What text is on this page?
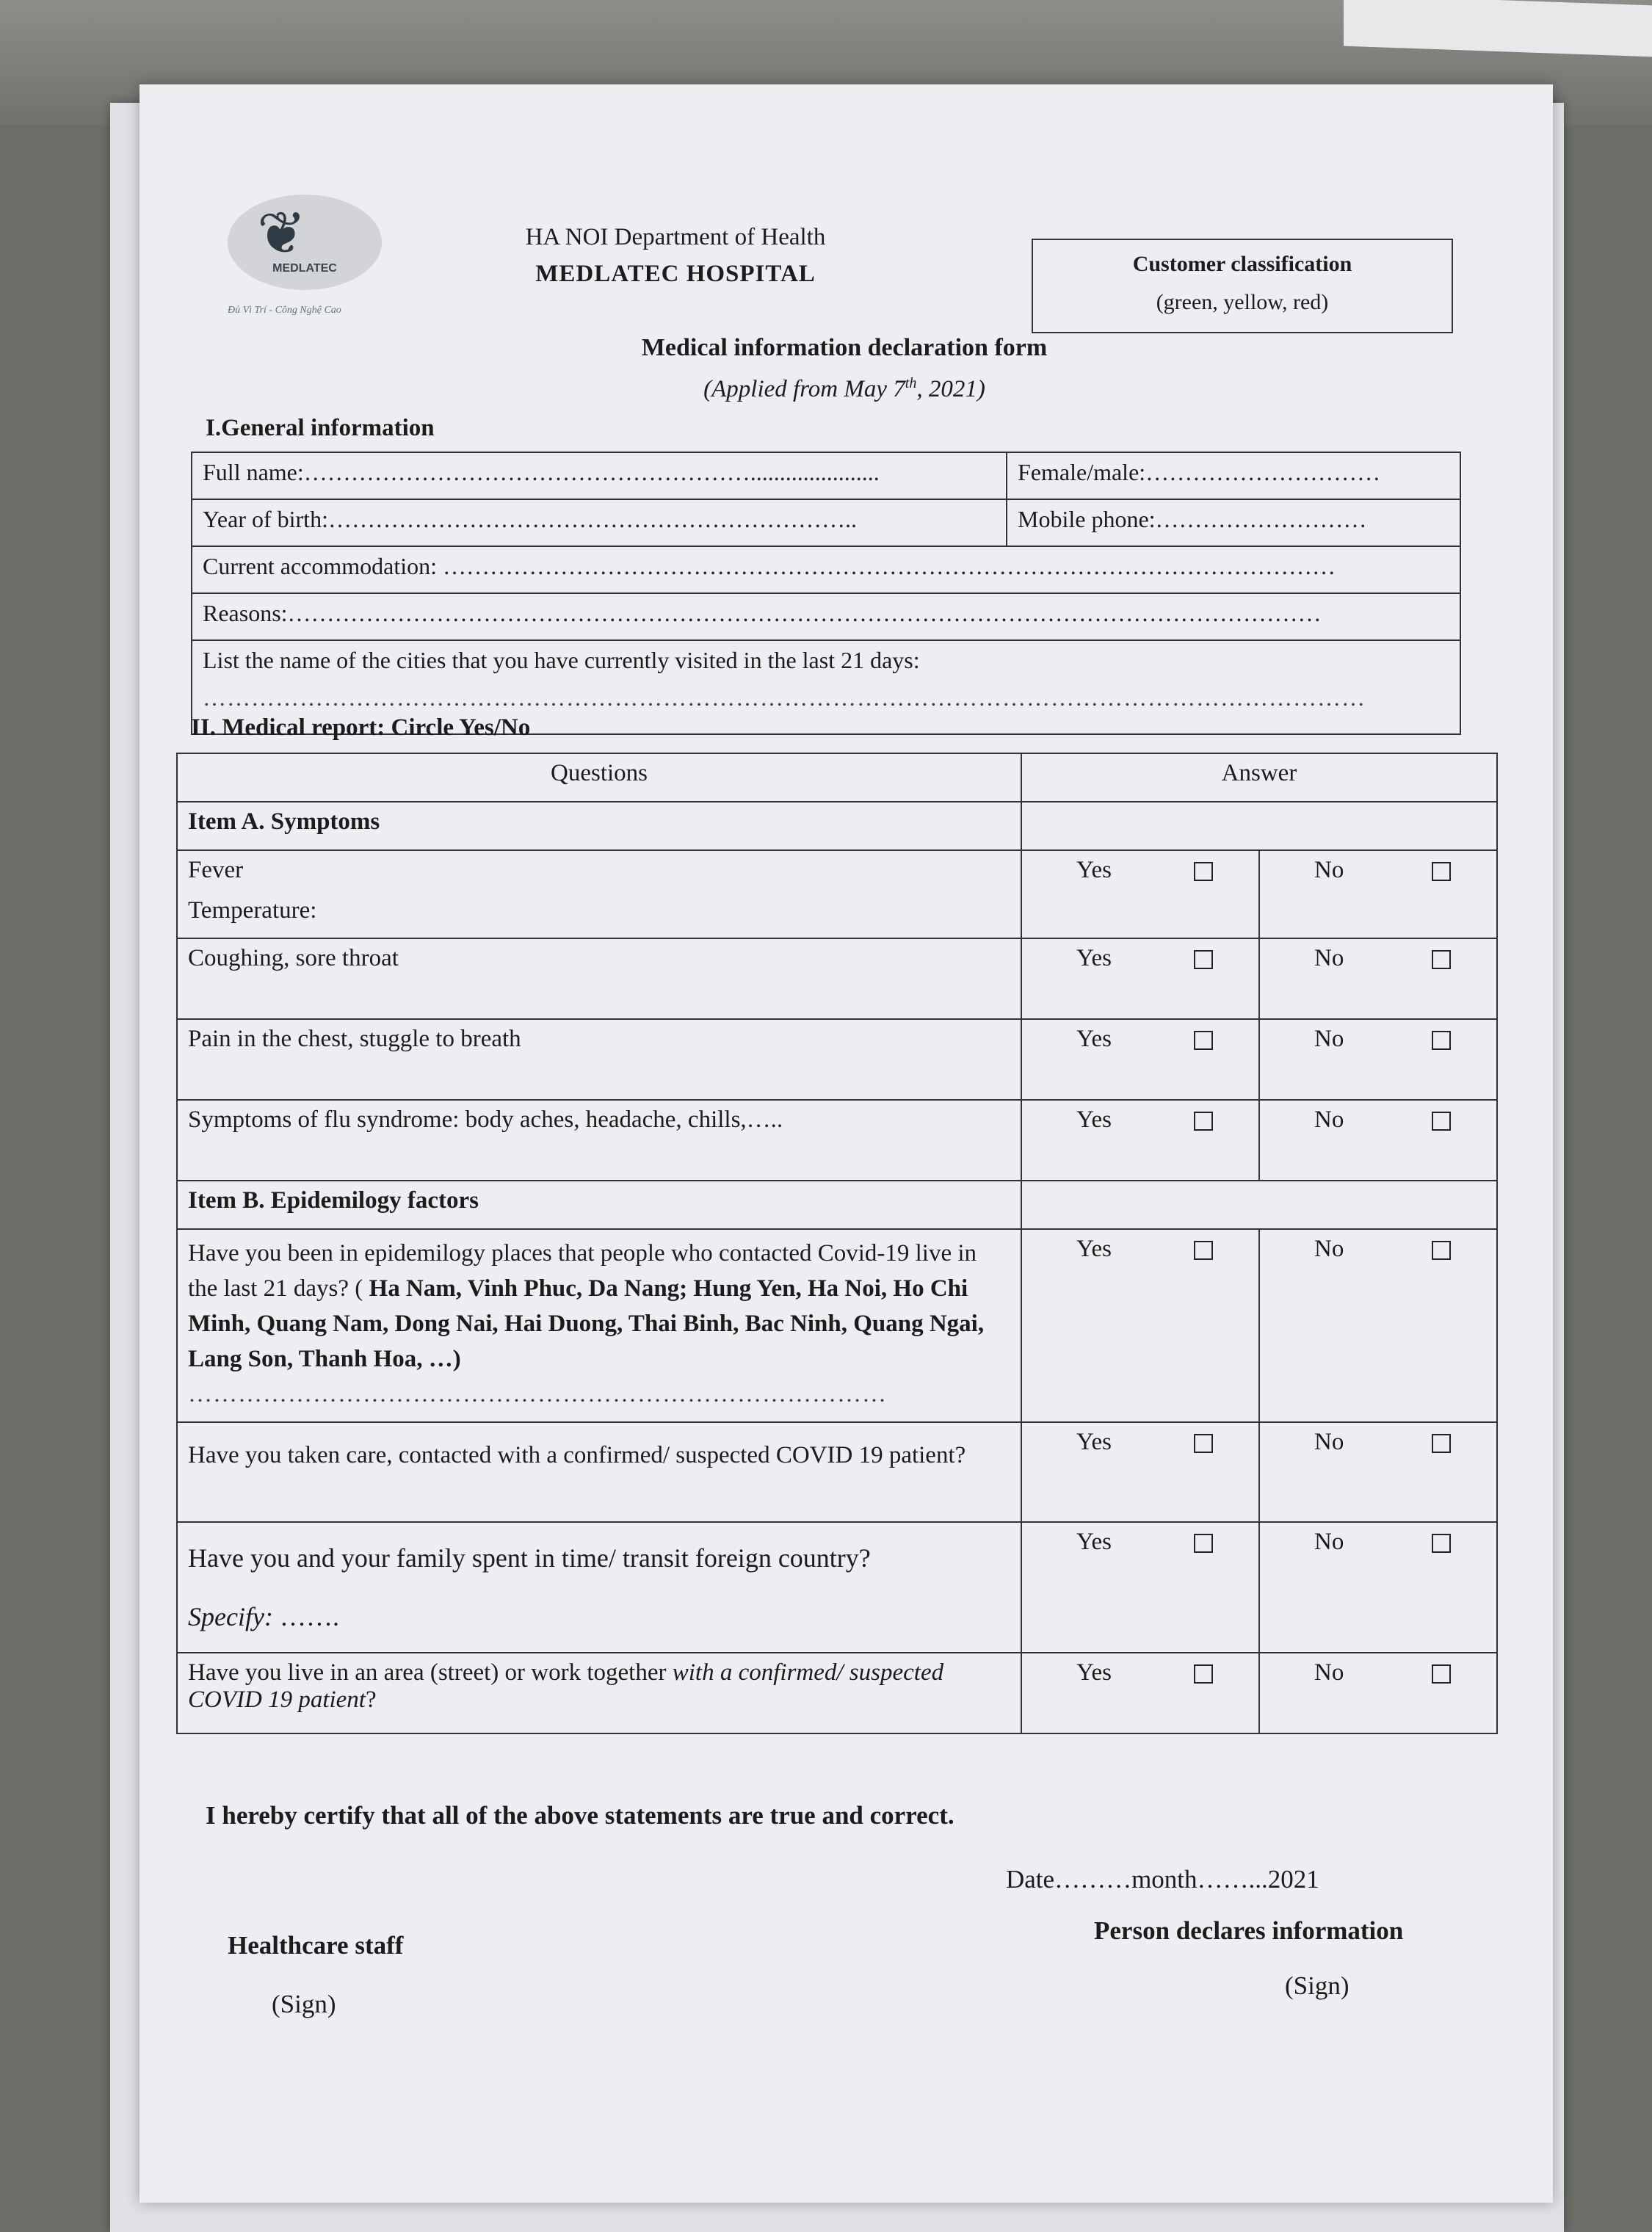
❦
MEDLATEC
Đủ Vì Trí - Công Nghệ Cao
HA NOI Department of Health
MEDLATEC HOSPITAL	Customer classification
(green, yellow, red)
Medical information declaration form
(Applied from May 7th, 2021)
I.General information
Full name:…………………………………………………......................	Female/male:…………………………
Year of birth:…………………………………………………………..	Mobile phone:………………………
Current accommodation: ……………………………………………………………………………………………………	
Reasons:……………………………………………………………………………………………………………………	

List the name of the cities that you have currently visited in the last 21 days:
………………………………………………………………………………………………………………………………	
II. Medical report: Circle Yes/No
Questions	Answer	
Item A. Symptoms		

Fever
Temperature:	Yes	No
Coughing, sore throat	Yes	No
Pain in the chest, stuggle to breath	Yes	No
Symptoms of flu syndrome: body aches, headache, chills,…..	Yes	No
Item B. Epidemilogy factors		
Have you been in epidemilogy places that people who contacted Covid-19 live in the last 21 days? ( Ha Nam, Vinh Phuc, Da Nang; Hung Yen, Ha Noi, Ho Chi Minh, Quang Nam, Dong Nai, Hai Duong, Thai Binh, Bac Ninh, Quang Ngai, Lang Son, Thanh Hoa, …)
…………………………………………………………………………	Yes	No
Have you taken care, contacted with a confirmed/ suspected COVID 19 patient?	Yes	No

Have you and your family spent in time/ transit foreign country?
Specify: …….	Yes	No
Have you live in an area (street) or work together with a confirmed/ suspected COVID 19 patient?	Yes	No
I hereby certify that all of the above statements are true and correct.
Date………month……...2021
Healthcare staff
(Sign)
Person declares information
(Sign)
